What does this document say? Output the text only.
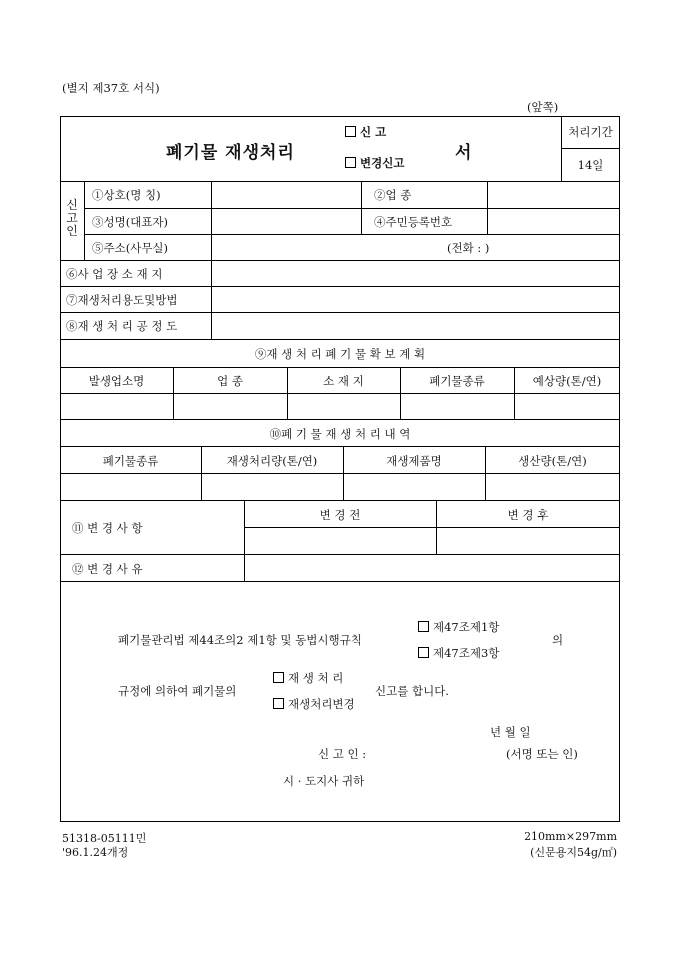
(별지 제37호 서식)
(앞쪽)
폐기물 재생처리
신 고
변경신고	서
처리기간
14일
신
고
인
①상호(명 칭)	②업 종
③성명(대표자)	④주민등록번호
⑤주소(사무실)	(전화 : )
⑥사 업 장 소 재 지
⑦재생처리용도및방법
⑧재 생 처 리 공 정 도
⑨재 생 처 리 폐 기 물 확 보 계 획
발생업소명	업 종	소 재 지	폐기물종류	예상량(톤/연)
⑩폐 기 물 재 생 처 리 내 역
폐기물종류	재생처리량(톤/연)	재생제품명	생산량(톤/연)
⑪ 변 경 사 항
변 경 전	변 경 후
⑫ 변 경 사 유
폐기물관리법 제44조의2 제1항 및 동법시행규칙
제47조제1항
제47조제3항
의
규정에 의하여 폐기물의
재 생 처 리
재생처리변경
신고를 합니다.
년 월 일
신 고 인 :	(서명 또는 인)
시 · 도지사 귀하
51318-05111민
'96.1.24개정
210mm×297mm
(신문용지54g/㎡)
